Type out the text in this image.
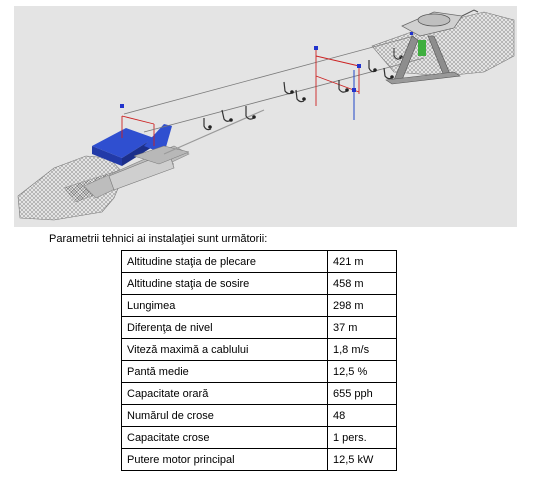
Parametrii tehnici ai instalaţiei sunt următorii:
Altitudine staţia de plecare	421 m
Altitudine staţia de sosire	458 m
Lungimea	298 m
Diferenţa de nivel	37 m
Viteză maximă a cablului	1,8 m/s
Pantă medie	12,5 %
Capacitate orară	655 pph
Numărul de crose	48
Capacitate crose	1 pers.
Putere motor principal	12,5 kW
